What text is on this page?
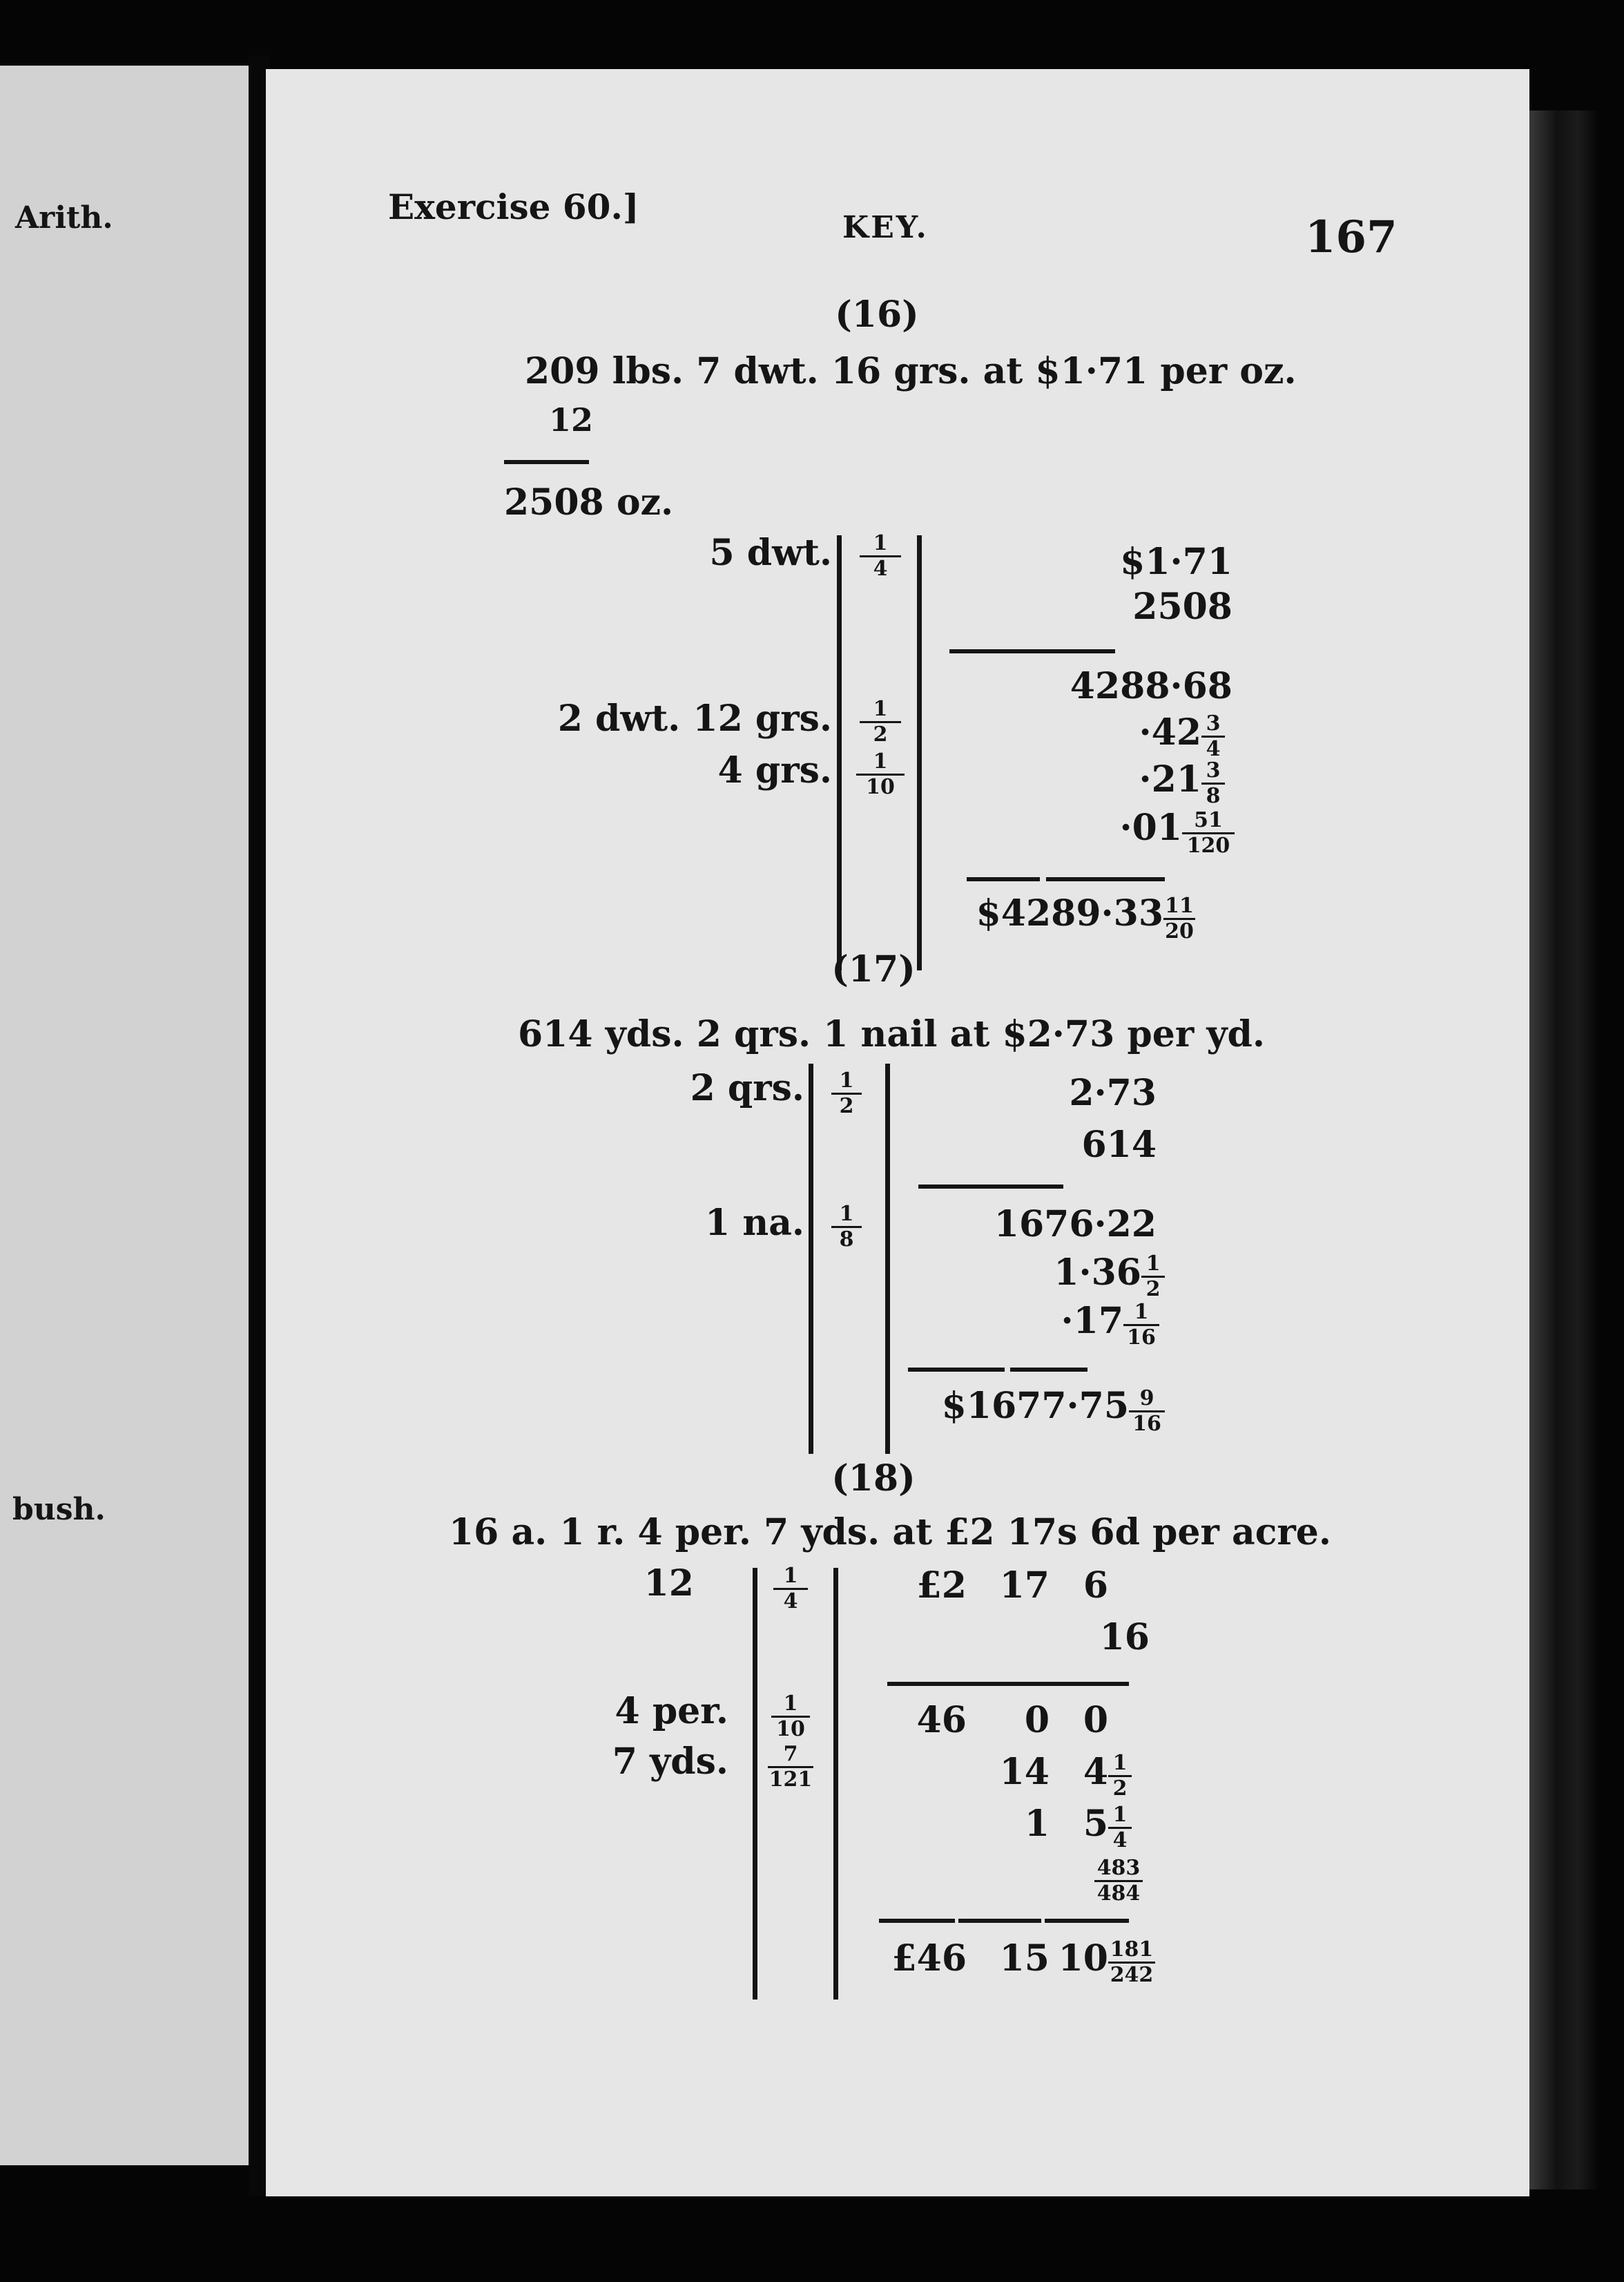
Arith.
bush.
Exercise 60.]
KEY.	167
(16)
209 lbs. 7 dwt. 16 grs. at $1·71 per oz.
12
2508 oz.
5 dwt.
2 dwt. 12 grs.
4 grs.
1
4
1
2
1
10
$1·71
2508
4288·68
·42 3
4
·21 3
8
·01 51
120
$4289·33 11
20
(17)
614 yds. 2 qrs. 1 nail at $2·73 per yd.
2 qrs.
1 na.
1
2
1
8
2·73
614
1676·22
1·36 1
2
·17 1
16
$1677·75 9
16
(18)
16 a. 1 r. 4 per. 7 yds. at £2 17s 6d per acre.
12
4 per.
7 yds.
1
4
1
10
7
121
£2 17 6
16
46	0 0
14 4 1
2
1 5 1
4
483
484
£46 15 10 181
242
